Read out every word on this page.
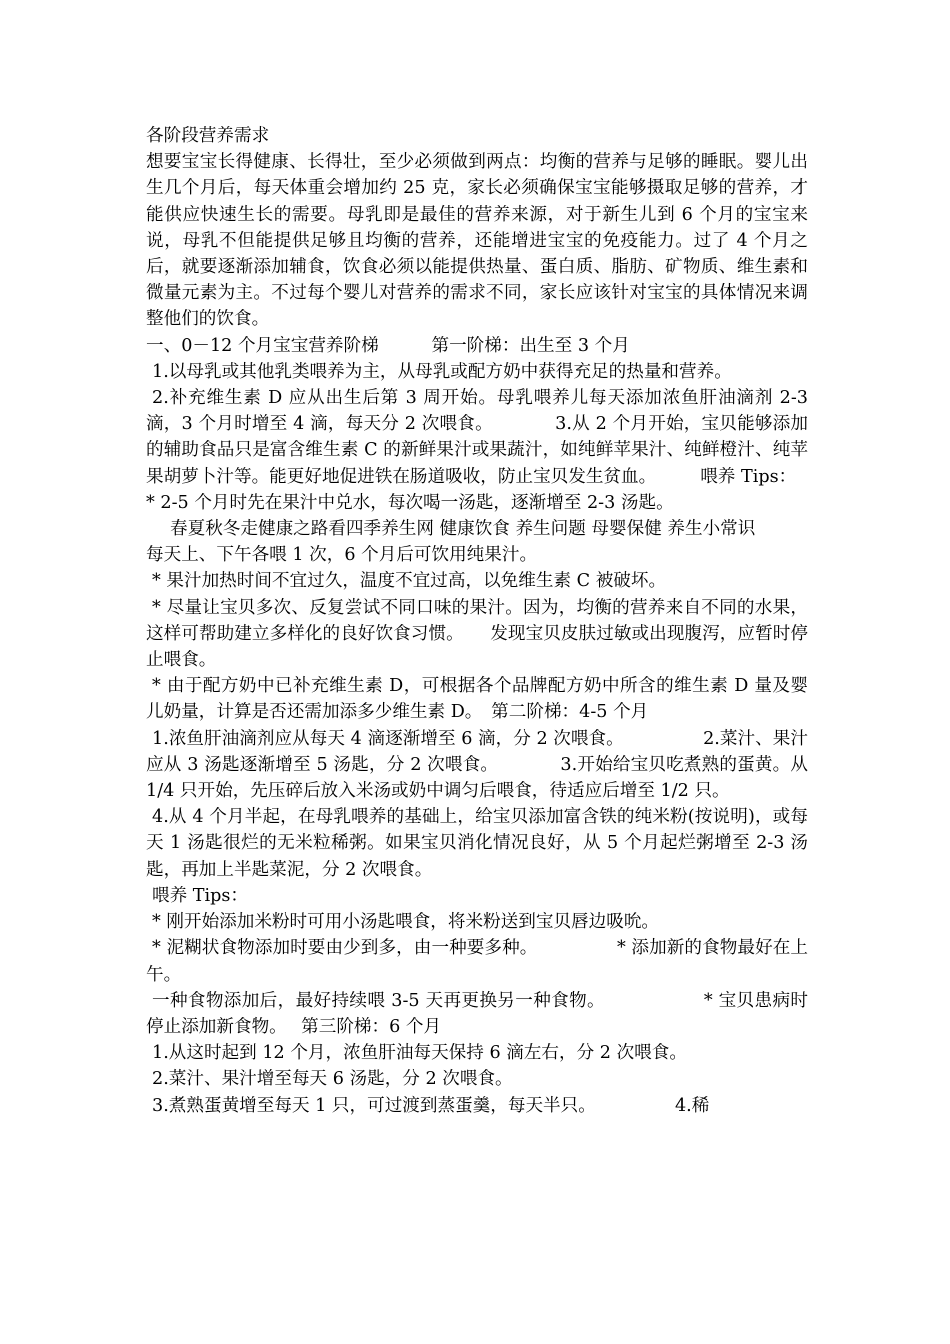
各阶段营养需求

想要宝宝长得健康、长得壮，至少必须做到两点：均衡的营养与足够的睡眠。婴儿出生几个月后，每天体重会增加约 25 克，家长必须确保宝宝能够摄取足够的营养，才能供应快速生长的需要。母乳即是最佳的营养来源，对于新生儿到 6 个月的宝宝来说，母乳不但能提供足够且均衡的营养，还能增进宝宝的免疫能力。过了 4 个月之后，就要逐渐添加辅食，饮食必须以能提供热量、蛋白质、脂肪、矿物质、维生素和微量元素为主。不过每个婴儿对营养的需求不同，家长应该针对宝宝的具体情况来调整他们的饮食。

一、0－12 个月宝宝营养阶梯　　　第一阶梯：出生至 3 个月

1.以母乳或其他乳类喂养为主，从母乳或配方奶中获得充足的热量和营养。

2.补充维生素 D 应从出生后第 3 周开始。母乳喂养儿每天添加浓鱼肝油滴剂 2-3 滴，3 个月时增至 4 滴，每天分 2 次喂食。　　　　3.从 2 个月开始，宝贝能够添加的辅助食品只是富含维生素 C 的新鲜果汁或果蔬汁，如纯鲜苹果汁、纯鲜橙汁、纯苹果胡萝卜汁等。能更好地促进铁在肠道吸收，防止宝贝发生贫血。　　　喂养 Tips：

* 2-5 个月时先在果汁中兑水，每次喝一汤匙，逐渐增至 2-3 汤匙。

春夏秋冬走健康之路看四季养生网 健康饮食 养生问题 母婴保健 养生小常识

每天上、下午各喂 1 次，6 个月后可饮用纯果汁。

* 果汁加热时间不宜过久，温度不宜过高，以免维生素 C 被破坏。

* 尽量让宝贝多次、反复尝试不同口味的果汁。因为，均衡的营养来自不同的水果，这样可帮助建立多样化的良好饮食习惯。　　发现宝贝皮肤过敏或出现腹泻，应暂时停止喂食。

* 由于配方奶中已补充维生素 D，可根据各个品牌配方奶中所含的维生素 D 量及婴儿奶量，计算是否还需加添多少维生素 D。　第二阶梯：4-5 个月

1.浓鱼肝油滴剂应从每天 4 滴逐渐增至 6 滴，分 2 次喂食。　　　　　2.菜汁、果汁应从 3 汤匙逐渐增至 5 汤匙，分 2 次喂食。　　　　3.开始给宝贝吃煮熟的蛋黄。从 1/4 只开始，先压碎后放入米汤或奶中调匀后喂食，待适应后增至 1/2 只。

4.从 4 个月半起，在母乳喂养的基础上，给宝贝添加富含铁的纯米粉(按说明)，或每天 1 汤匙很烂的无米粒稀粥。如果宝贝消化情况良好，从 5 个月起烂粥增至 2-3 汤匙，再加上半匙菜泥，分 2 次喂食。

喂养 Tips：

* 刚开始添加米粉时可用小汤匙喂食，将米粉送到宝贝唇边吸吮。

* 泥糊状食物添加时要由少到多，由一种要多种。　　　　　* 添加新的食物最好在上午。

一种食物添加后，最好持续喂 3-5 天再更换另一种食物。　　　　　　* 宝贝患病时停止添加新食物。　 第三阶梯：6 个月

1.从这时起到 12 个月，浓鱼肝油每天保持 6 滴左右，分 2 次喂食。

2.菜汁、果汁增至每天 6 汤匙，分 2 次喂食。

3.煮熟蛋黄增至每天 1 只，可过渡到蒸蛋羹，每天半只。　　　　　4.稀
